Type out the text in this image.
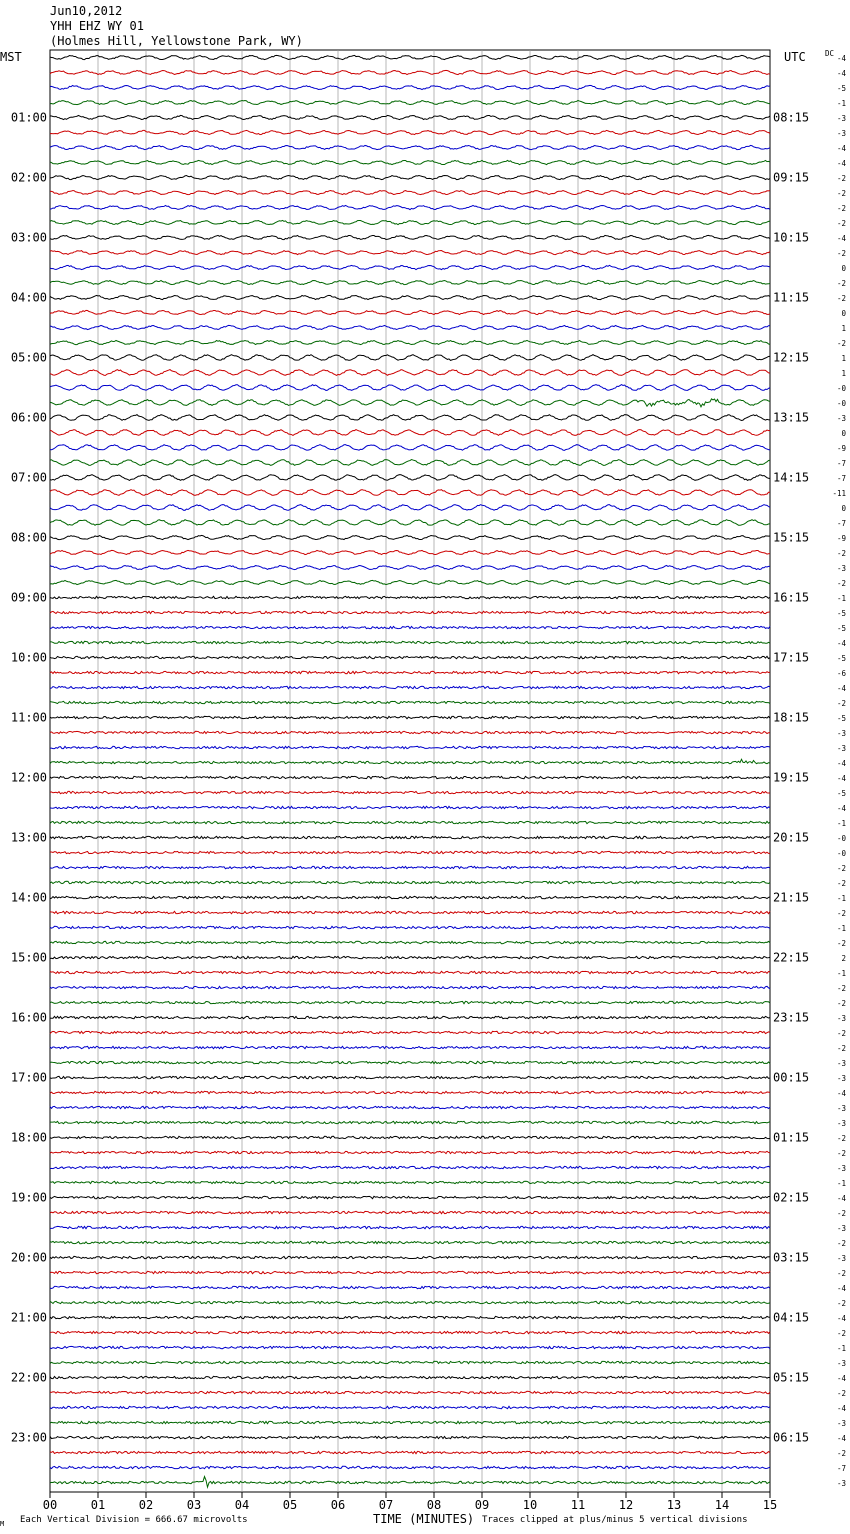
Jun10,2012
YHH EHZ WY 01
(Holmes Hill, Yellowstone Park, WY)
MST	UTC
00	01	02	03	04	05	06	07	08	09	10	11	12	13	14	15
-4
-4
-5
-1
-3
-3
-4
-4
-2
-2
-2
-2
-4
-2
0
-2
-2
0
1
-2
1
1
-0
-0
-3
0
-9
-7
-7
-11
0
-7
-9
-2
-3
-2
-1
-5
-5
-4
-5
-6
-4
-2
-5
-3
-3
-4
-4
-5
-4
-1
-0
-0
-2
-2
-1
-2
-1
-2
2
-1
-2
-2
-3
-2
-2
-3
-3
-4
-3
-3
-2
-2
-3
-1
-4
-2
-3
-2
-3
-2
-4
-2
-4
-2
-1
-3
-4
-2
-4
-3
-4
-2
-7
-3
DC
01:00
02:00
03:00
04:00
05:00
06:00
07:00
08:00
09:00
10:00
11:00
12:00
13:00
14:00
15:00
16:00
17:00
18:00
19:00
20:00
21:00
22:00
23:00
08:15
09:15
10:15
11:15
12:15
13:15
14:15
15:15
16:15
17:15
18:15
19:15
20:15
21:15
22:15
23:15
00:15
01:15
02:15
03:15
04:15
05:15
06:15
TIME (MINUTES)
M Each Vertical Division = 666.67 microvolts	Traces clipped at plus/minus 5 vertical divisions
